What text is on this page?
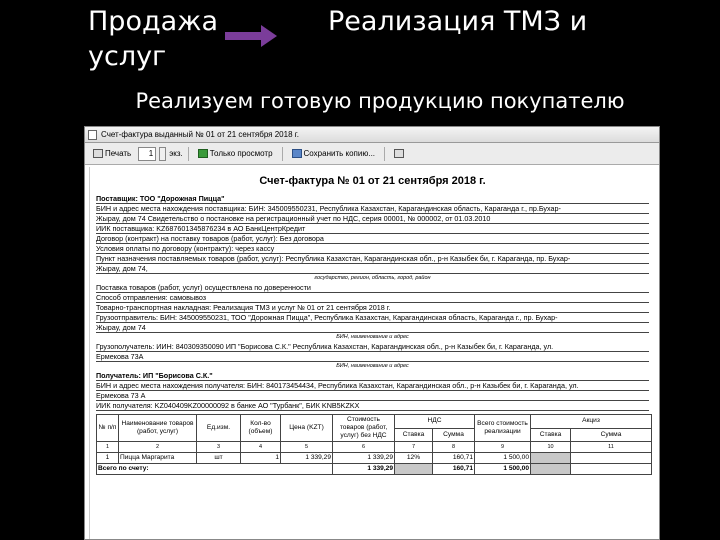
Продажа услуг
Реализация ТМЗ и
Реализуем готовую продукцию покупателю
Счет-фактура выданный № 01 от 21 сентября 2018 г.
Печать	1	экз.	Только просмотр	Сохранить копию...
Счет-фактура № 01 от 21 сентября 2018 г.
Поставщик: ТОО "Дорожная Пицца"
БИН и адрес места нахождения поставщика: БИН: 345009550231, Республика Казахстан, Карагандинская область, Караганда г., пр.Бухар-
Жырау, дом 74 Свидетельство о постановке на регистрационный учет по НДС, серия 00001, № 000002, от 01.03.2010
ИИК поставщика: KZ687601345876234 в АО БанкЦентрКредит
Договор (контракт) на поставку товаров (работ, услуг): Без договора
Условия оплаты по договору (контракту): через кассу
Пункт назначения поставляемых товаров (работ, услуг): Республика Казахстан, Карагандинская обл., р-н Казыбек би, г. Караганда, пр. Бухар-
Жырау, дом 74,
государство, регион, область, город, район
Поставка товаров (работ, услуг) осуществлена по доверенности
Способ отправления: самовывоз
Товарно-транспортная накладная: Реализация ТМЗ и услуг № 01 от 21 сентября 2018 г.
Грузоотправитель: БИН: 345009550231, ТОО "Дорожная Пицца", Республика Казахстан, Карагандинская область, Караганда г., пр. Бухар-
Жырау, дом 74
БИН, наименование и адрес
Грузополучатель: ИИН: 840309350090 ИП "Борисова С.К." Республика Казахстан, Карагандинская обл., р-н Казыбек би, г. Караганда, ул.
Ермекова 73А
БИН, наименование и адрес
Получатель: ИП "Борисова С.К."
БИН и адрес места нахождения получателя: БИН: 840173454434, Республика Казахстан, Карагандинская обл., р-н Казыбек би, г. Караганда, ул.
Ермекова 73 А
ИИК получателя: KZ040409KZ00000092 в банке АО "Турбанк", БИК KNB5KZKX
№ п/п	Наименование товаров (работ, услуг)	Ед.изм.	Кол-во (объем)	Цена (KZT)	Стоимость товаров (работ, услуг) без НДС	НДС		Всего стоимость реализации	Акциз	
						Ставка	Сумма		Ставка	Сумма
1	2	3	4	5	6	7	8	9	10	11
1	Пицца Маргарита	шт	1	1 339,29	1 339,29	12%	160,71	1 500,00		
Всего по счету:					1 339,29		160,71	1 500,00		
